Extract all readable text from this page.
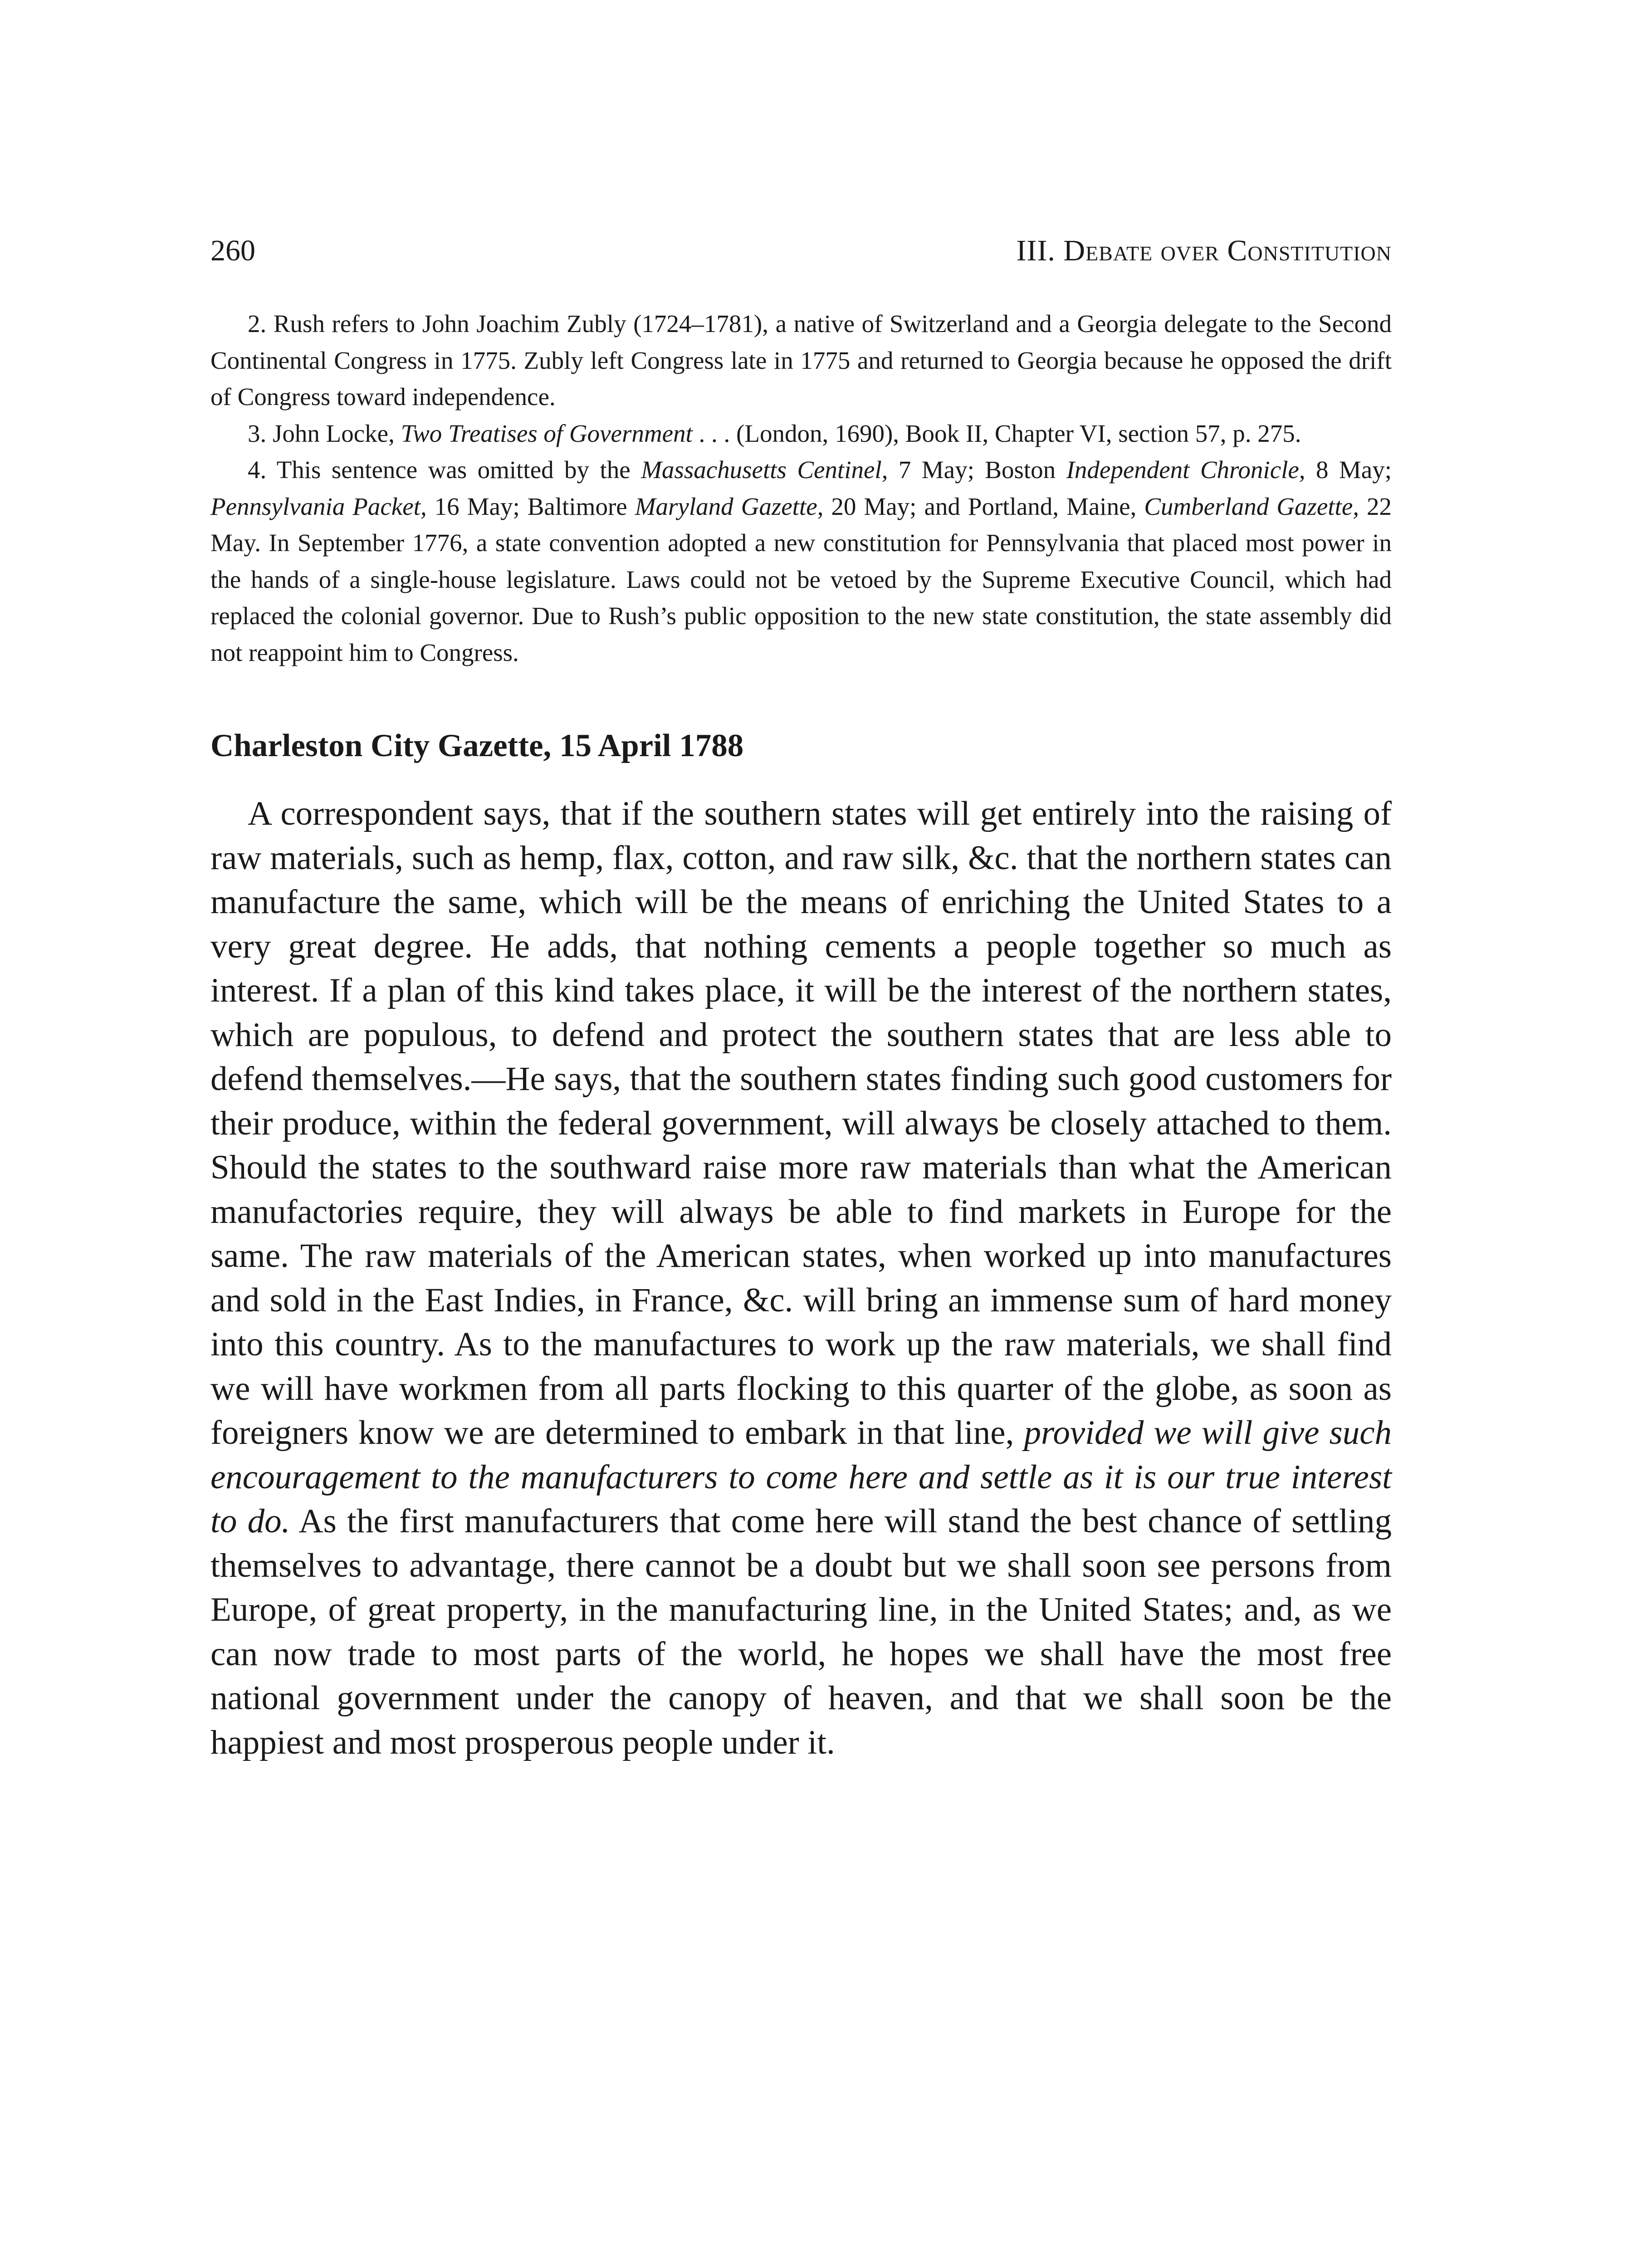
260	III. Debate over Constitution

2. Rush refers to John Joachim Zubly (1724–1781), a native of Switzerland and a Georgia delegate to the Second Continental Congress in 1775. Zubly left Congress late in 1775 and returned to Georgia because he opposed the drift of Congress toward independence.

3. John Locke, Two Treatises of Government . . . (London, 1690), Book II, Chapter VI, section 57, p. 275.

4. This sentence was omitted by the Massachusetts Centinel, 7 May; Boston Independent Chronicle, 8 May; Pennsylvania Packet, 16 May; Baltimore Maryland Gazette, 20 May; and Portland, Maine, Cumberland Gazette, 22 May. In September 1776, a state convention adopted a new constitution for Pennsylvania that placed most power in the hands of a single-house legislature. Laws could not be vetoed by the Supreme Executive Council, which had replaced the colonial governor. Due to Rush’s public opposition to the new state constitution, the state assembly did not reappoint him to Congress.

Charleston City Gazette, 15 April 1788

A correspondent says, that if the southern states will get entirely into the raising of raw materials, such as hemp, flax, cotton, and raw silk, &c. that the northern states can manufacture the same, which will be the means of enriching the United States to a very great degree. He adds, that nothing cements a people together so much as interest. If a plan of this kind takes place, it will be the interest of the northern states, which are populous, to defend and protect the southern states that are less able to defend themselves.—He says, that the southern states finding such good customers for their produce, within the federal government, will always be closely attached to them. Should the states to the southward raise more raw materials than what the American manufactories require, they will always be able to find markets in Europe for the same. The raw materials of the American states, when worked up into manufactures and sold in the East Indies, in France, &c. will bring an immense sum of hard money into this country. As to the manufactures to work up the raw materials, we shall find we will have workmen from all parts flocking to this quarter of the globe, as soon as foreigners know we are determined to embark in that line, provided we will give such encouragement to the manufacturers to come here and settle as it is our true interest to do. As the first manufacturers that come here will stand the best chance of settling themselves to advantage, there cannot be a doubt but we shall soon see persons from Europe, of great property, in the manufacturing line, in the United States; and, as we can now trade to most parts of the world, he hopes we shall have the most free national government under the canopy of heaven, and that we shall soon be the happiest and most prosperous people under it.
